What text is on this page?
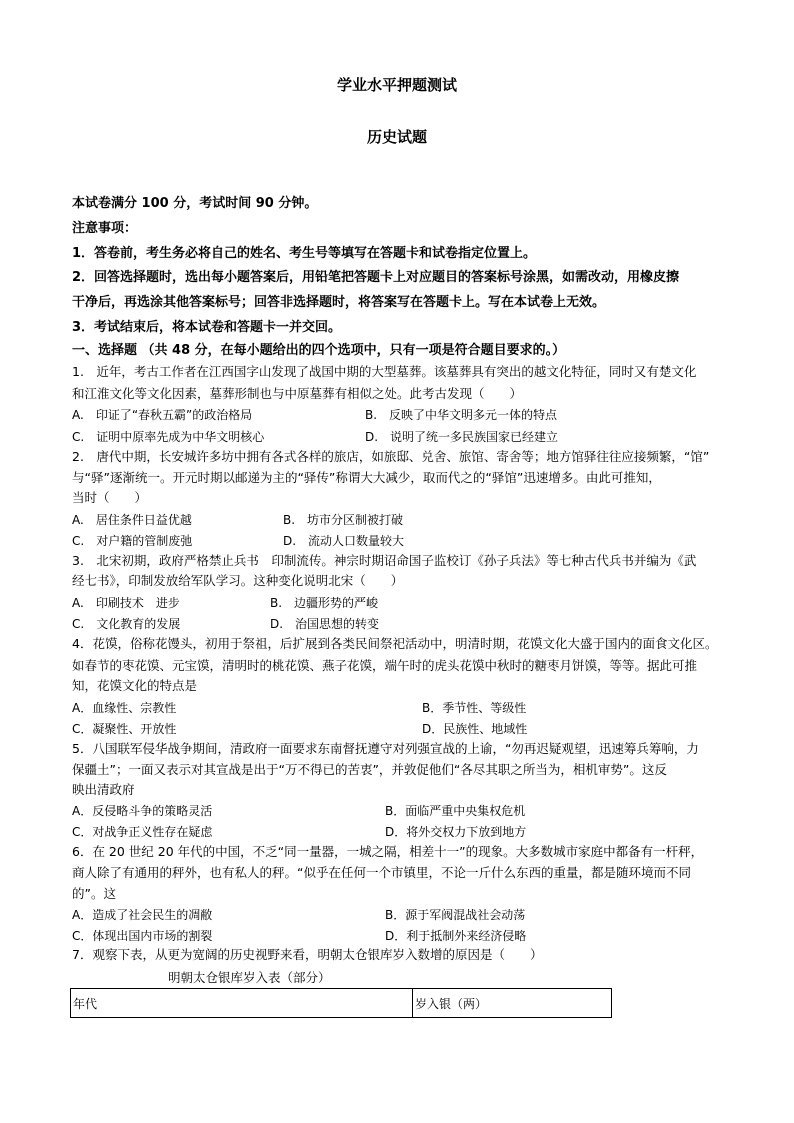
学业水平押题测试
历史试题
本试卷满分 100 分，考试时间 90 分钟。
注意事项：
1．答卷前，考生务必将自己的姓名、考生号等填写在答题卡和试卷指定位置上。
2．回答选择题时，选出每小题答案后，用铅笔把答题卡上对应题目的答案标号涂黑，如需改动，用橡皮擦
干净后，再选涂其他答案标号；回答非选择题时，将答案写在答题卡上。写在本试卷上无效。
3．考试结束后，将本试卷和答题卡一并交回。
一、选择题 （共 48 分，在每小题给出的四个选项中，只有一项是符合题目要求的。）
1.　近年，考古工作者在江西国字山发现了战国中期的大型墓葬。该墓葬具有突出的越文化特征，同时又有楚文化
和江淮文化等文化因素，墓葬形制也与中原墓葬有相似之处。此考古发现（　　）
A.　印证了“春秋五霸”的政治格局	B.　反映了中华文明多元一体的特点
C.　证明中原率先成为中华文明核心	D.　说明了统一多民族国家已经建立
2.　唐代中期，长安城许多坊中拥有各式各样的旅店，如旅邸、兑舍、旅馆、寄舍等；地方馆驿往往应接频繁，“馆”
与“驿”逐渐统一。开元时期以邮递为主的“驿传”称谓大大减少，取而代之的“驿馆”迅速增多。由此可推知，
当时（　　）
A.　居住条件日益优越	B.　坊市分区制被打破
C.　对户籍的管制废弛	D.　流动人口数量较大
3.　北宋初期，政府严格禁止兵书　印制流传。神宗时期诏命国子监校订《孙子兵法》等七种古代兵书并编为《武
经七书》，印制发放给军队学习。这种变化说明北宋（　　）
A.　印刷技术　进步	B.　边疆形势的严峻
C.　文化教育的发展	D.　治国思想的转变
4．花馍，俗称花馒头，初用于祭祖，后扩展到各类民间祭祀活动中，明清时期，花馍文化大盛于国内的面食文化区。
如春节的枣花馍、元宝馍，清明时的桃花馍、燕子花馍，端午时的虎头花馍中秋时的糖枣月饼馍，等等。据此可推
知，花馍文化的特点是
A．血缘性、宗教性	B．季节性、等级性
C．凝聚性、开放性	D．民族性、地域性
5．八国联军侵华战争期间，清政府一面要求东南督抚遵守对列强宣战的上谕，“勿再迟疑观望，迅速筹兵筹响，力
保疆土”；一面又表示对其宣战是出于“万不得已的苦衷”，并敦促他们“各尽其职之所当为，相机审势”。这反
映出清政府
A．反侵略斗争的策略灵活	B．面临严重中央集权危机
C．对战争正义性存在疑虑	D．将外交权力下放到地方
6．在 20 世纪 20 年代的中国，不乏“同一量器，一城之隔，相差十一”的现象。大多数城市家庭中都备有一杆秤，
商人除了有通用的秤外，也有私人的秤。“似乎在任何一个市镇里，不论一斤什么东西的重量，都是随环境而不同
的”。这
A．造成了社会民生的凋敝	B．源于军阀混战社会动荡
C．体现出国内市场的割裂	D．利于抵制外来经济侵略
7．观察下表，从更为宽阔的历史视野来看，明朝太仓银库岁入数增的原因是（　　）
明朝太仓银库岁入表（部分）
年代	岁入银（两）
